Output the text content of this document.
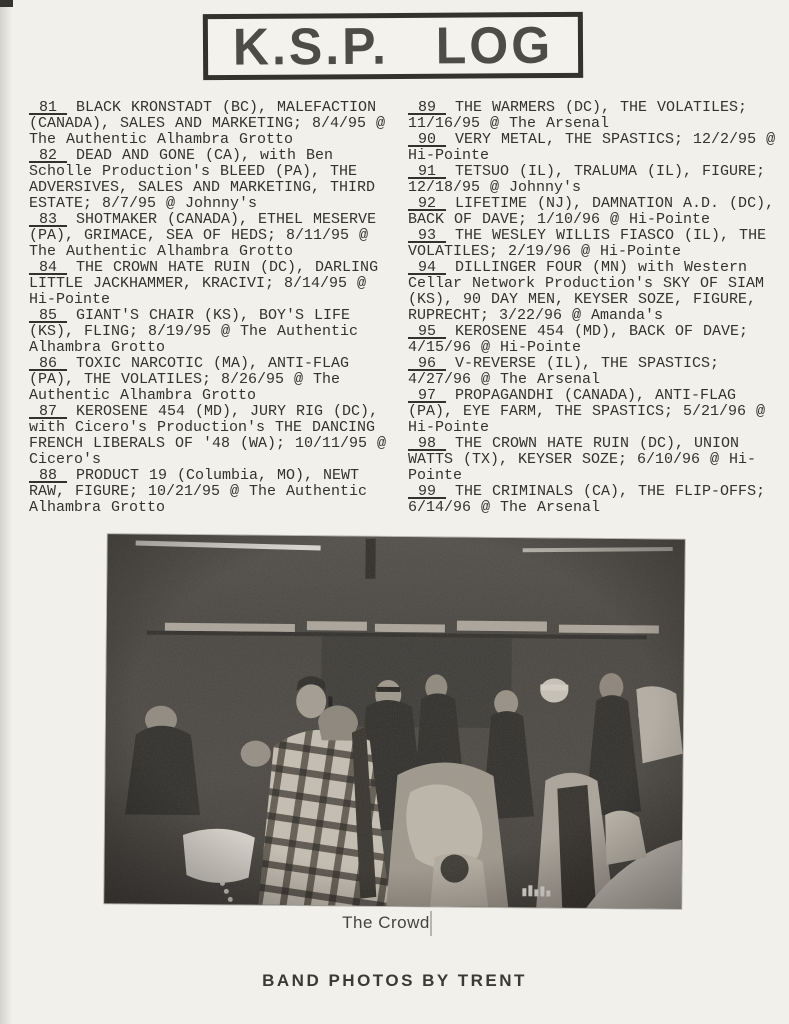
K.S.P. LOG

81 BLACK KRONSTADT (BC), MALEFACTION (CANADA), SALES AND MARKETING; 8/4/95 @ The Authentic Alhambra Grotto

82 DEAD AND GONE (CA), with Ben Scholle Production's BLEED (PA), THE ADVERSIVES, SALES AND MARKETING, THIRD ESTATE; 8/7/95 @ Johnny's

83 SHOTMAKER (CANADA), ETHEL MESERVE (PA), GRIMACE, SEA OF HEDS; 8/11/95 @ The Authentic Alhambra Grotto

84 THE CROWN HATE RUIN (DC), DARLING LITTLE JACKHAMMER, KRACIVI; 8/14/95 @ Hi-Pointe

85 GIANT'S CHAIR (KS), BOY'S LIFE (KS), FLING; 8/19/95 @ The Authentic Alhambra Grotto

86 TOXIC NARCOTIC (MA), ANTI-FLAG (PA), THE VOLATILES; 8/26/95 @ The Authentic Alhambra Grotto

87 KEROSENE 454 (MD), JURY RIG (DC), with Cicero's Production's THE DANCING FRENCH LIBERALS OF '48 (WA); 10/11/95 @ Cicero's

88 PRODUCT 19 (Columbia, MO), NEWT RAW, FIGURE; 10/21/95 @ The Authentic Alhambra Grotto

89 THE WARMERS (DC), THE VOLATILES; 11/16/95 @ The Arsenal

90 VERY METAL, THE SPASTICS; 12/2/95 @ Hi-Pointe

91 TETSUO (IL), TRALUMA (IL), FIGURE; 12/18/95 @ Johnny's

92 LIFETIME (NJ), DAMNATION A.D. (DC), BACK OF DAVE; 1/10/96 @ Hi-Pointe

93 THE WESLEY WILLIS FIASCO (IL), THE VOLATILES; 2/19/96 @ Hi-Pointe

94 DILLINGER FOUR (MN) with Western Cellar Network Production's SKY OF SIAM (KS), 90 DAY MEN, KEYSER SOZE, FIGURE, RUPRECHT; 3/22/96 @ Amanda's

95 KEROSENE 454 (MD), BACK OF DAVE; 4/15/96 @ Hi-Pointe

96 V-REVERSE (IL), THE SPASTICS; 4/27/96 @ The Arsenal

97 PROPAGANDHI (CANADA), ANTI-FLAG (PA), EYE FARM, THE SPASTICS; 5/21/96 @ Hi-Pointe

98 THE CROWN HATE RUIN (DC), UNION WATTS (TX), KEYSER SOZE; 6/10/96 @ Hi-Pointe

99 THE CRIMINALS (CA), THE FLIP-OFFS; 6/14/96 @ The Arsenal

The Crowd
BAND PHOTOS BY TRENT
